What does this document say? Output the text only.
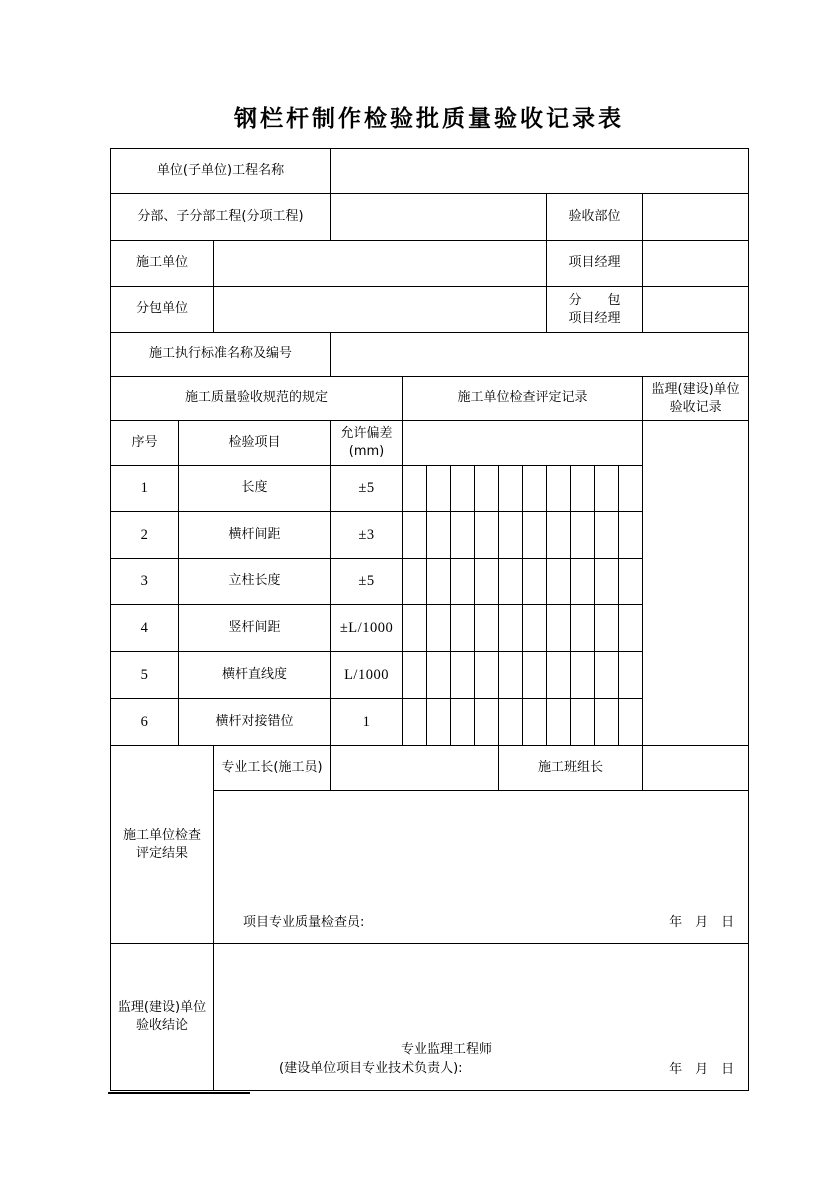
钢栏杆制作检验批质量验收记录表
单位(子单位)工程名称														
分部、子分部工程(分项工程)										验收部位				
施工单位										项目经理				
分包单位										分　　包
项目经理				

施工执行标准名称及编号														
施工质量验收规范的规定				施工单位检查评定记录										监理(建设)单位
验收记录

序号	检验项目		允许偏差
(mm)											

1	长度		±5											
2	横杆间距		±3											
3	立柱长度		±5											
4	竖杆间距		±L/1000											
5	横杆直线度		L/1000											
6	横杆对接错位		1											

施工单位检查
评定结果		专业工长(施工员)						施工班组长						

		项目专业质量检查员: 年　月　日												

监理(建设)单位
验收结论		专业监理工程师
(建设单位项目专业技术负责人): 年　月　日												
